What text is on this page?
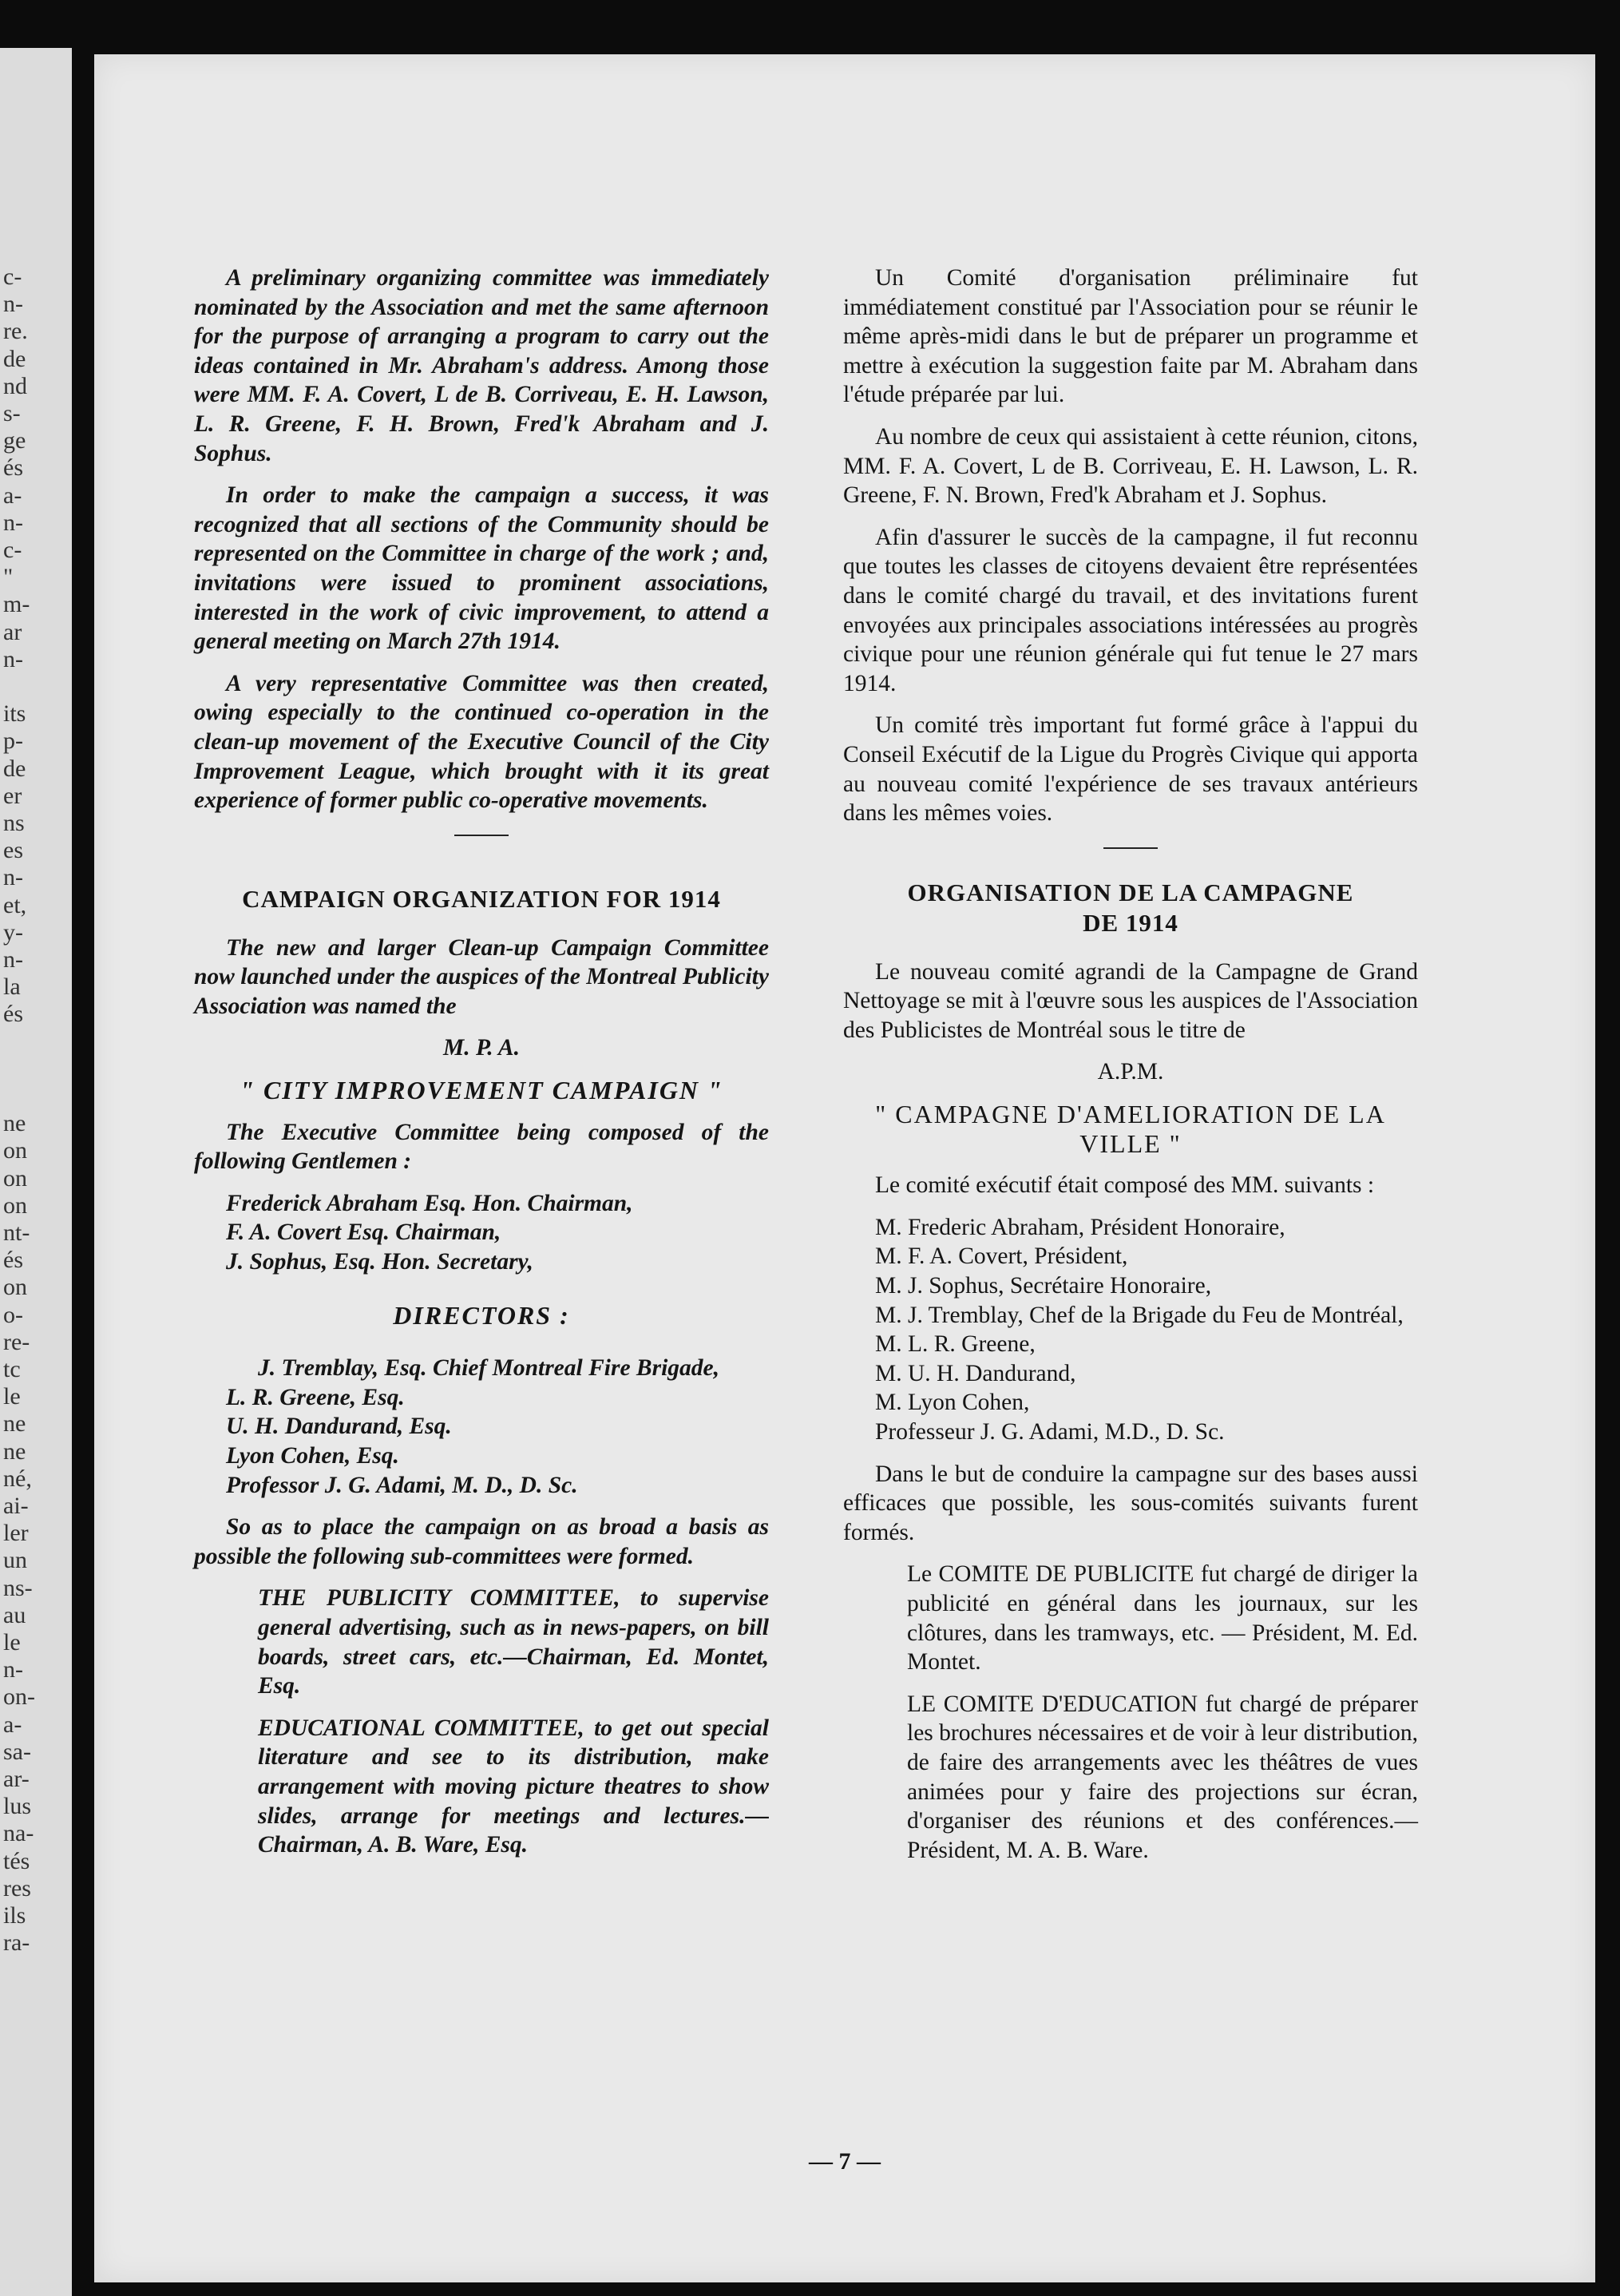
c-
n-
re.
de
nd
s-
ge
és
a-
n-
c-
"
m-
ar
n-
its
p-
de
er
ns
es
n-
et,
y-
n-
la
és
ne
on
on
on
nt-
és
on
o-
re-
tc
le
ne
ne
né,
ai-
ler
un
ns-
au
le
n-
on-
a-
sa-
ar-
lus
na-
tés
res
ils
ra-

A preliminary organizing committee was immediately nominated by the Association and met the same afternoon for the purpose of arranging a program to carry out the ideas contained in Mr. Abraham's address. Among those were MM. F. A. Covert, L de B. Corriveau, E. H. Lawson, L. R. Greene, F. H. Brown, Fred'k Abraham and J. Sophus.

In order to make the campaign a success, it was recognized that all sections of the Community should be represented on the Committee in charge of the work ; and, invitations were issued to prominent associations, interested in the work of civic improvement, to attend a general meeting on March 27th 1914.

A very representative Committee was then created, owing especially to the continued co-operation in the clean-up movement of the Executive Council of the City Improvement League, which brought with it its great experience of former public co-operative movements.

CAMPAIGN ORGANIZATION FOR 1914

The new and larger Clean-up Campaign Committee now launched under the auspices of the Montreal Publicity Association was named the

M. P. A.

" CITY IMPROVEMENT CAMPAIGN "

The Executive Committee being composed of the following Gentlemen :

Frederick Abraham Esq. Hon. Chairman,
F. A. Covert Esq. Chairman,
J. Sophus, Esq. Hon. Secretary,

DIRECTORS :

J. Tremblay, Esq. Chief Montreal Fire Brigade,
L. R. Greene, Esq.
U. H. Dandurand, Esq.
Lyon Cohen, Esq.
Professor J. G. Adami, M. D., D. Sc.

So as to place the campaign on as broad a basis as possible the following sub-committees were formed.

THE PUBLICITY COMMITTEE, to supervise general advertising, such as in news-papers, on bill boards, street cars, etc.—Chairman, Ed. Montet, Esq.

EDUCATIONAL COMMITTEE, to get out special literature and see to its distribution, make arrangement with moving picture theatres to show slides, arrange for meetings and lectures.—Chairman, A. B. Ware, Esq.

Un Comité d'organisation préliminaire fut immédiatement constitué par l'Association pour se réunir le même après-midi dans le but de préparer un programme et mettre à exécution la suggestion faite par M. Abraham dans l'étude préparée par lui.

Au nombre de ceux qui assistaient à cette réunion, citons, MM. F. A. Covert, L de B. Corriveau, E. H. Lawson, L. R. Greene, F. N. Brown, Fred'k Abraham et J. Sophus.

Afin d'assurer le succès de la campagne, il fut reconnu que toutes les classes de citoyens devaient être représentées dans le comité chargé du travail, et des invitations furent envoyées aux principales associations intéressées au progrès civique pour une réunion générale qui fut tenue le 27 mars 1914.

Un comité très important fut formé grâce à l'appui du Conseil Exécutif de la Ligue du Progrès Civique qui apporta au nouveau comité l'expérience de ses travaux antérieurs dans les mêmes voies.

ORGANISATION DE LA CAMPAGNE
DE 1914

Le nouveau comité agrandi de la Campagne de Grand Nettoyage se mit à l'œuvre sous les auspices de l'Association des Publicistes de Montréal sous le titre de

A.P.M.

" CAMPAGNE D'AMELIORATION DE LA VILLE "

Le comité exécutif était composé des MM. suivants :

M. Frederic Abraham, Président Honoraire,
M. F. A. Covert, Président,
M. J. Sophus, Secrétaire Honoraire,
M. J. Tremblay, Chef de la Brigade du Feu de Montréal,
M. L. R. Greene,
M. U. H. Dandurand,
M. Lyon Cohen,
Professeur J. G. Adami, M.D., D. Sc.

Dans le but de conduire la campagne sur des bases aussi efficaces que possible, les sous-comités suivants furent formés.

Le COMITE DE PUBLICITE fut chargé de diriger la publicité en général dans les journaux, sur les clôtures, dans les tramways, etc. — Président, M. Ed. Montet.

LE COMITE D'EDUCATION fut chargé de préparer les brochures nécessaires et de voir à leur distribution, de faire des arrangements avec les théâtres de vues animées pour y faire des projections sur écran, d'organiser des réunions et des conférences.—Président, M. A. B. Ware.

— 7 —
